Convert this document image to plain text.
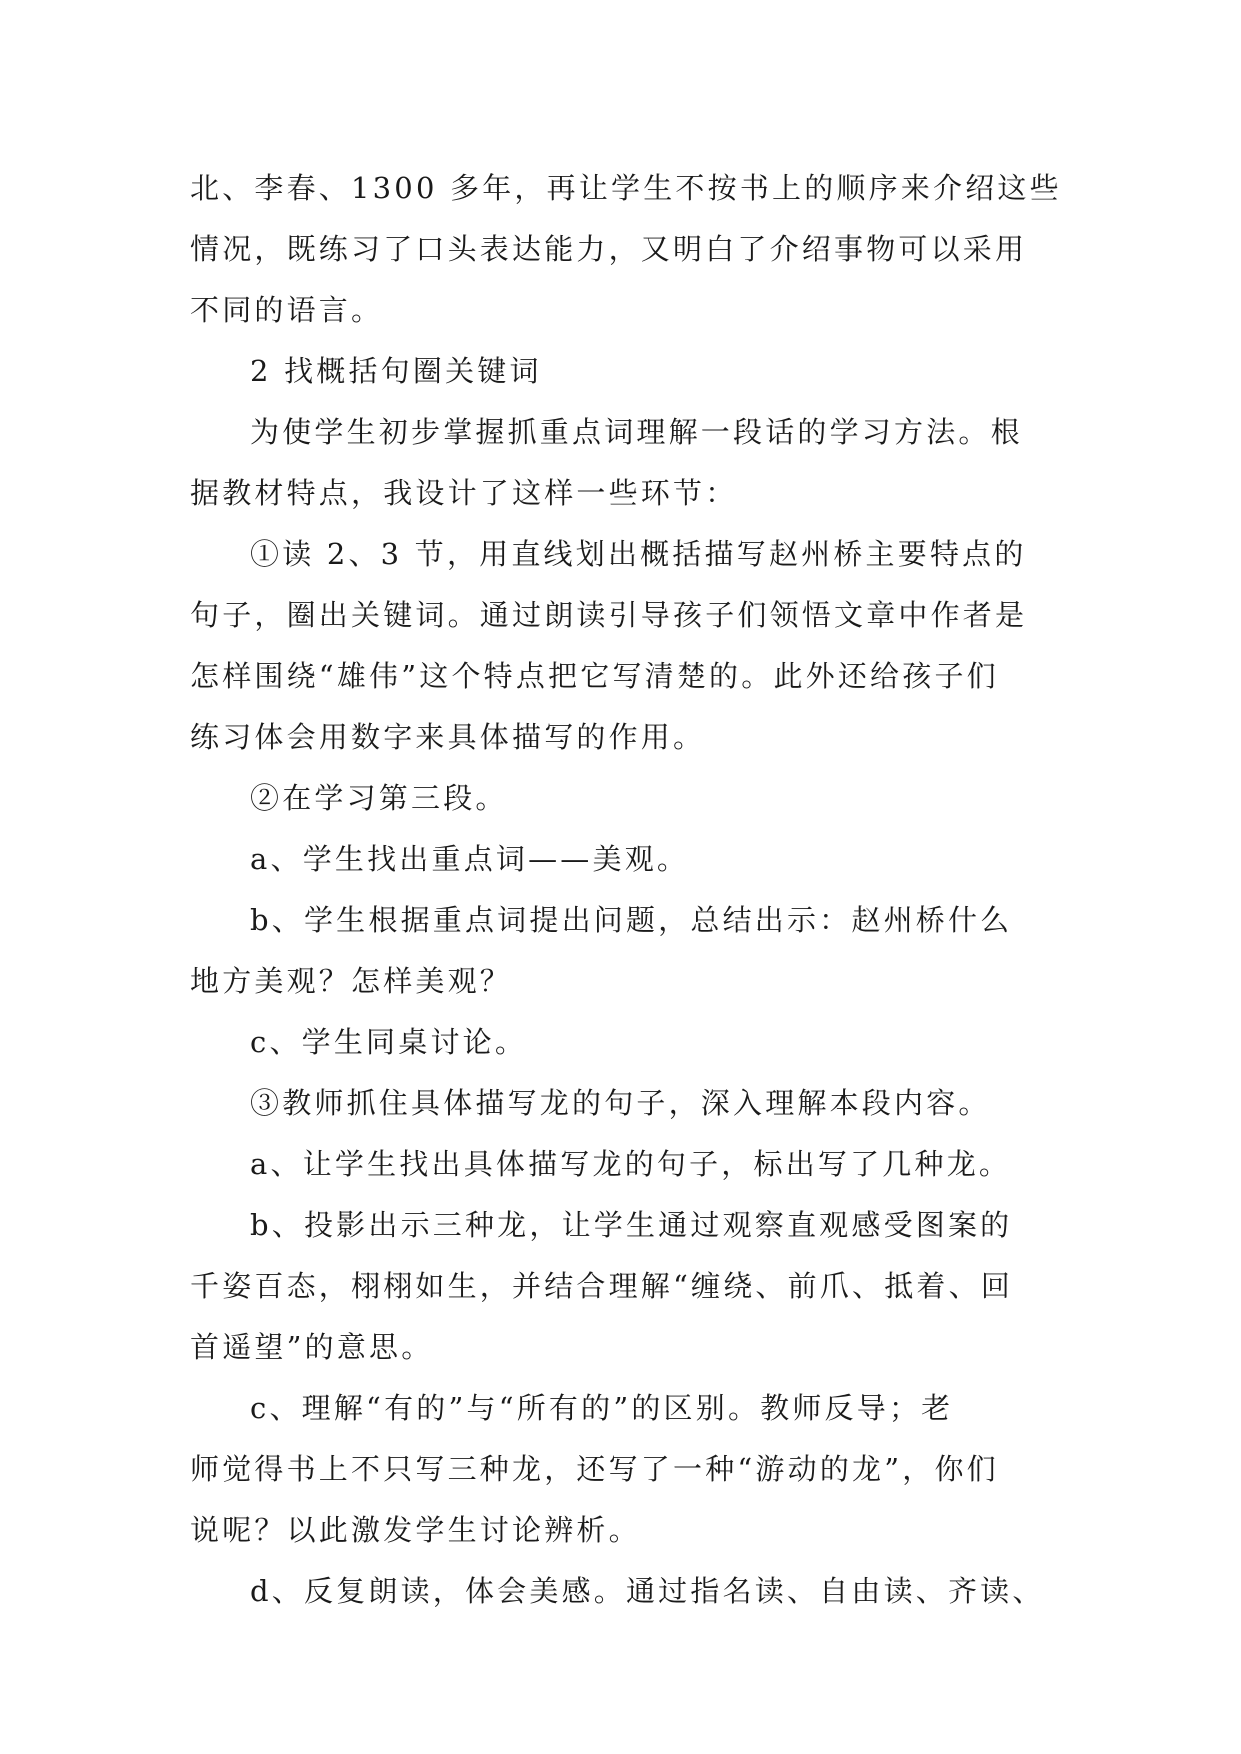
北、李春、1300 多年，再让学生不按书上的顺序来介绍这些
情况，既练习了口头表达能力，又明白了介绍事物可以采用
不同的语言。
2 找概括句圈关键词
为使学生初步掌握抓重点词理解一段话的学习方法。根
据教材特点，我设计了这样一些环节：
①读 2、3 节，用直线划出概括描写赵州桥主要特点的
句子，圈出关键词。通过朗读引导孩子们领悟文章中作者是
怎样围绕“雄伟”这个特点把它写清楚的。此外还给孩子们
练习体会用数字来具体描写的作用。
②在学习第三段。
a、学生找出重点词——美观。
b、学生根据重点词提出问题，总结出示：赵州桥什么
地方美观？怎样美观？
c、学生同桌讨论。
③教师抓住具体描写龙的句子，深入理解本段内容。
a、让学生找出具体描写龙的句子，标出写了几种龙。
b、投影出示三种龙，让学生通过观察直观感受图案的
千姿百态，栩栩如生，并结合理解“缠绕、前爪、抵着、回
首遥望”的意思。
c、理解“有的”与“所有的”的区别。教师反导；老
师觉得书上不只写三种龙，还写了一种“游动的龙”，你们
说呢？以此激发学生讨论辨析。
d、反复朗读，体会美感。通过指名读、自由读、齐读、
